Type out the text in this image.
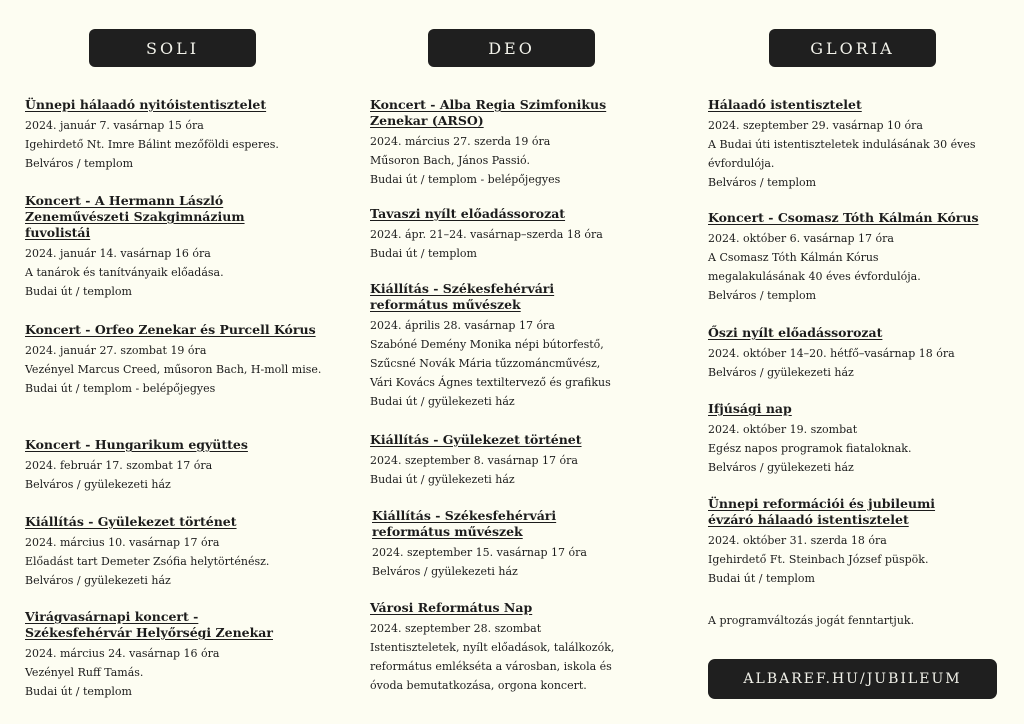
SOLI	DEO	GLORIA

Ünnepi hálaadó nyitóistentisztelet

2024. január 7. vasárnap 15 óra

Igehirdető Nt. Imre Bálint mezőföldi esperes.

Belváros / templom

Koncert - A Hermann László Zeneművészeti Szakgimnázium fuvolistái

2024. január 14. vasárnap 16 óra

A tanárok és tanítványaik előadása.

Budai út / templom

Koncert - Orfeo Zenekar és Purcell Kórus

2024. január 27. szombat 19 óra

Vezényel Marcus Creed, műsoron Bach, H-moll mise.

Budai út / templom - belépőjegyes

Koncert - Hungarikum együttes

2024. február 17. szombat 17 óra

Belváros / gyülekezeti ház

Kiállítás - Gyülekezet történet

2024. március 10. vasárnap 17 óra

Előadást tart Demeter Zsófia helytörténész.

Belváros / gyülekezeti ház

Virágvasárnapi koncert - Székesfehérvár Helyőrségi Zenekar

2024. március 24. vasárnap 16 óra

Vezényel Ruff Tamás.

Budai út / templom

Koncert - Alba Regia Szimfonikus Zenekar (ARSO)

2024. március 27. szerda 19 óra

Műsoron Bach, János Passió.

Budai út / templom - belépőjegyes

Tavaszi nyílt előadássorozat

2024. ápr. 21–24. vasárnap–szerda 18 óra

Budai út / templom

Kiállítás - Székesfehérvári református művészek

2024. április 28. vasárnap 17 óra

Szabóné Demény Monika népi bútorfestő,

Szűcsné Novák Mária tűzzománcművész,

Vári Kovács Ágnes textiltervező és grafikus

Budai út / gyülekezeti ház

Kiállítás - Gyülekezet történet

2024. szeptember 8. vasárnap 17 óra

Budai út / gyülekezeti ház

Kiállítás - Székesfehérvári református művészek

2024. szeptember 15. vasárnap 17 óra

Belváros / gyülekezeti ház

Városi Református Nap

2024. szeptember 28. szombat

Istentiszteletek, nyílt előadások, találkozók,

református emlékséta a városban, iskola és

óvoda bemutatkozása, orgona koncert.

Hálaadó istentisztelet

2024. szeptember 29. vasárnap 10 óra

A Budai úti istentiszteletek indulásának 30 éves évfordulója.

Belváros / templom

Koncert - Csomasz Tóth Kálmán Kórus

2024. október 6. vasárnap 17 óra

A Csomasz Tóth Kálmán Kórus megalakulásának 40 éves évfordulója.

Belváros / templom

Őszi nyílt előadássorozat

2024. október 14–20. hétfő–vasárnap 18 óra

Belváros / gyülekezeti ház

Ifjúsági nap

2024. október 19. szombat

Egész napos programok fiataloknak.

Belváros / gyülekezeti ház

Ünnepi reformációi és jubileumi évzáró hálaadó istentisztelet

2024. október 31. szerda 18 óra

Igehirdető Ft. Steinbach József püspök.

Budai út / templom

A programváltozás jogát fenntartjuk.
ALBAREF.HU/JUBILEUM
